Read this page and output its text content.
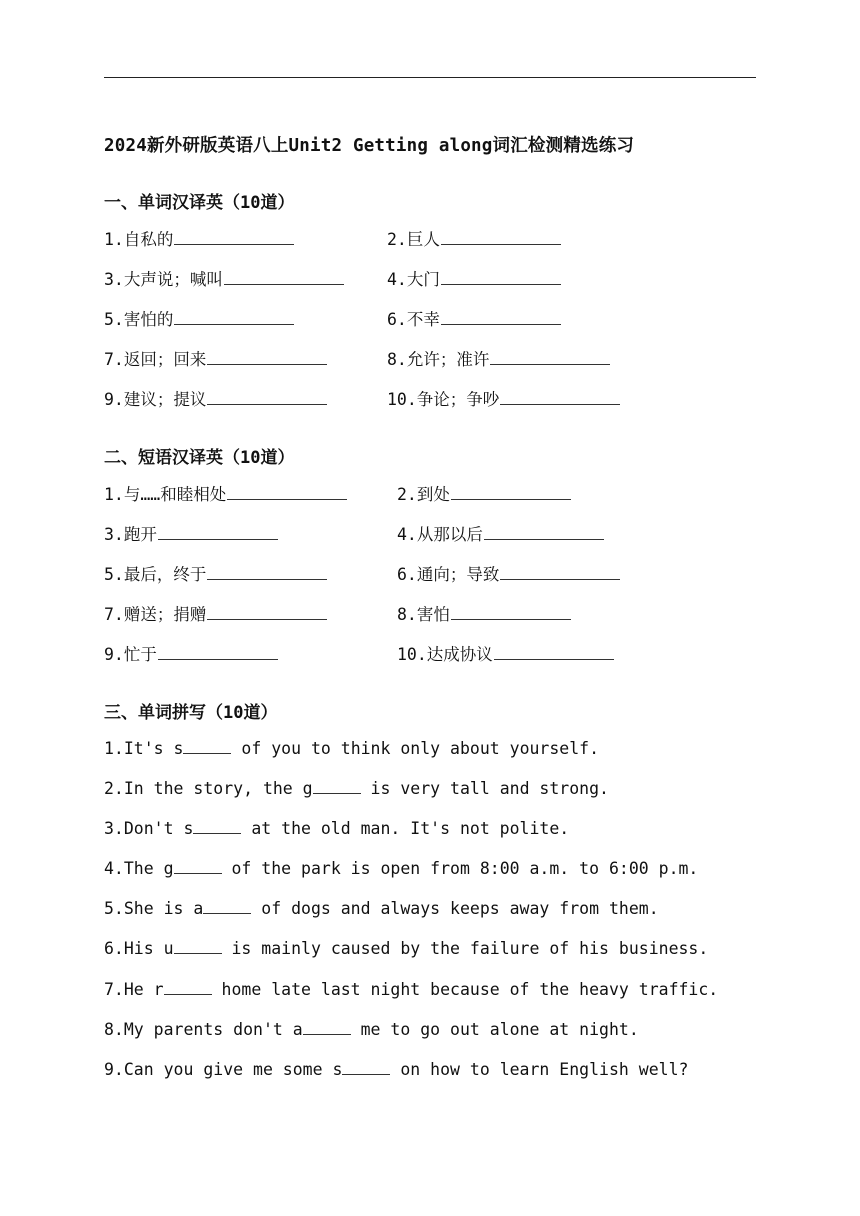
2024新外研版英语八上Unit2 Getting along词汇检测精选练习
一、单词汉译英（10道）
1.自私的	2.巨人
3.大声说；喊叫	4.大门
5.害怕的	6.不幸
7.返回；回来	8.允许；准许
9.建议；提议	10.争论；争吵
二、短语汉译英（10道）
1.与……和睦相处	2.到处
3.跑开	4.从那以后
5.最后，终于	6.通向；导致
7.赠送；捐赠	8.害怕
9.忙于	10.达成协议
三、单词拼写（10道）
1.It's s	of you to think only about yourself.
2.In the story, the g	is very tall and strong.
3.Don't s	at the old man. It's not polite.
4.The g	of the park is open from 8:00 a.m. to 6:00 p.m.
5.She is a	of dogs and always keeps away from them.
6.His u	is mainly caused by the failure of his business.
7.He r	home late last night because of the heavy traffic.
8.My parents don't a	me to go out alone at night.
9.Can you give me some s	on how to learn English well?
